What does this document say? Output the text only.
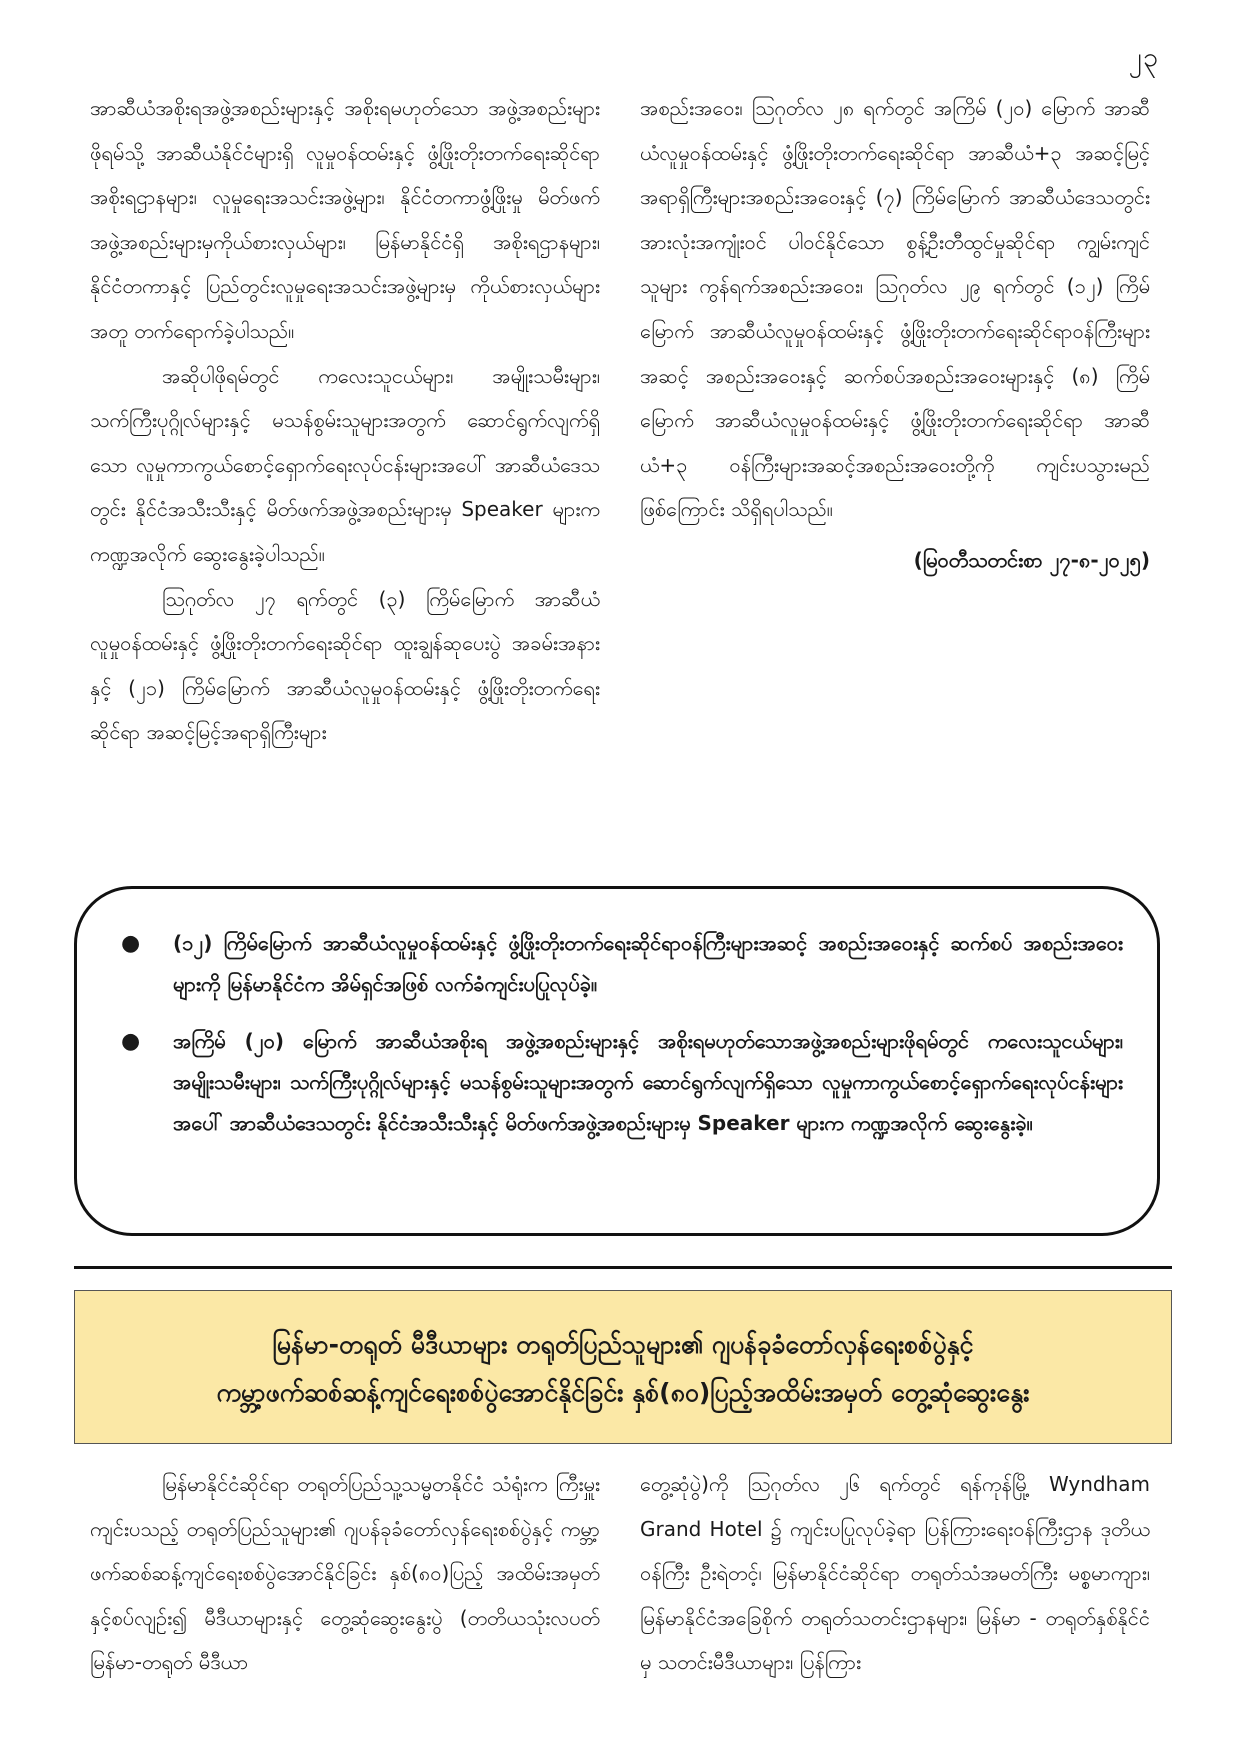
၂၃

အာဆီယံအစိုးရအဖွဲ့အစည်းများနှင့် အစိုးရမဟုတ်သော အဖွဲ့အစည်းများဖိုရမ်သို့ အာဆီယံနိုင်ငံများရှိ လူမှုဝန်ထမ်းနှင့် ဖွံ့ဖြိုးတိုးတက်ရေးဆိုင်ရာ အစိုးရဌာနများ၊ လူမှုရေးအသင်းအဖွဲ့များ၊ နိုင်ငံတကာဖွံ့ဖြိုးမှု မိတ်ဖက်အဖွဲ့အစည်းများမှကိုယ်စားလှယ်များ၊ မြန်မာနိုင်ငံရှိ အစိုးရဌာနများ၊ နိုင်ငံတကာနှင့် ပြည်တွင်းလူမှုရေးအသင်းအဖွဲ့များမှ ကိုယ်စားလှယ်များအတူ တက်ရောက်ခဲ့ပါသည်။

အဆိုပါဖိုရမ်တွင် ကလေးသူငယ်များ၊ အမျိုးသမီးများ၊ သက်ကြီးပုဂ္ဂိုလ်များနှင့် မသန်စွမ်းသူများအတွက် ဆောင်ရွက်လျက်ရှိသော လူမှုကာကွယ်စောင့်ရှောက်ရေးလုပ်ငန်းများအပေါ် အာဆီယံဒေသတွင်း နိုင်ငံအသီးသီးနှင့် မိတ်ဖက်အဖွဲ့အစည်းများမှ Speaker များက ကဏ္ဍအလိုက် ဆွေးနွေးခဲ့ပါသည်။

ဩဂုတ်လ ၂၇ ရက်တွင် (၃) ကြိမ်မြောက် အာဆီယံလူမှုဝန်ထမ်းနှင့် ဖွံ့ဖြိုးတိုးတက်ရေးဆိုင်ရာ ထူးချွန်ဆုပေးပွဲ အခမ်းအနားနှင့် (၂၁) ကြိမ်မြောက် အာဆီယံလူမှုဝန်ထမ်းနှင့် ဖွံ့ဖြိုးတိုးတက်ရေးဆိုင်ရာ အဆင့်မြင့်အရာရှိကြီးများ

အစည်းအဝေး၊ ဩဂုတ်လ ၂၈ ရက်တွင် အကြိမ် (၂၀) မြောက် အာဆီယံလူမှုဝန်ထမ်းနှင့် ဖွံ့ဖြိုးတိုးတက်ရေးဆိုင်ရာ အာဆီယံ+၃ အဆင့်မြင့်အရာရှိကြီးများအစည်းအဝေးနှင့် (၇) ကြိမ်မြောက် အာဆီယံဒေသတွင်း အားလုံးအကျုံးဝင် ပါဝင်နိုင်သော စွန့်ဦးတီထွင်မှုဆိုင်ရာ ကျွမ်းကျင်သူများ ကွန်ရက်အစည်းအဝေး၊ ဩဂုတ်လ ၂၉ ရက်တွင် (၁၂) ကြိမ်မြောက် အာဆီယံလူမှုဝန်ထမ်းနှင့် ဖွံ့ဖြိုးတိုးတက်ရေးဆိုင်ရာဝန်ကြီးများအဆင့် အစည်းအဝေးနှင့် ဆက်စပ်အစည်းအဝေးများနှင့် (၈) ကြိမ်မြောက် အာဆီယံလူမှုဝန်ထမ်းနှင့် ဖွံ့ဖြိုးတိုးတက်ရေးဆိုင်ရာ အာဆီယံ+၃ ဝန်ကြီးများအဆင့်အစည်းအဝေးတို့ကို ကျင်းပသွားမည်ဖြစ်ကြောင်း သိရှိရပါသည်။

(မြဝတီသတင်းစာ ၂၇-၈-၂၀၂၅)

● (၁၂) ကြိမ်မြောက် အာဆီယံလူမှုဝန်ထမ်းနှင့် ဖွံ့ဖြိုးတိုးတက်ရေးဆိုင်ရာဝန်ကြီးများအဆင့် အစည်းအဝေးနှင့် ဆက်စပ် အစည်းအဝေးများကို မြန်မာနိုင်ငံက အိမ်ရှင်အဖြစ် လက်ခံကျင်းပပြုလုပ်ခဲ့။
● အကြိမ် (၂၀) မြောက် အာဆီယံအစိုးရ အဖွဲ့အစည်းများနှင့် အစိုးရမဟုတ်သောအဖွဲ့အစည်းများဖိုရမ်တွင် ကလေးသူငယ်များ၊ အမျိုးသမီးများ၊ သက်ကြီးပုဂ္ဂိုလ်များနှင့် မသန်စွမ်းသူများအတွက် ဆောင်ရွက်လျက်ရှိသော လူမှုကာကွယ်စောင့်ရှောက်ရေးလုပ်ငန်းများအပေါ် အာဆီယံဒေသတွင်း နိုင်ငံအသီးသီးနှင့် မိတ်ဖက်အဖွဲ့အစည်းများမှ Speaker များက ကဏ္ဍအလိုက် ဆွေးနွေးခဲ့။
မြန်မာ-တရုတ် မီဒီယာများ တရုတ်ပြည်သူများ၏ ဂျပန်ခုခံတော်လှန်ရေးစစ်ပွဲနှင့်
ကမ္ဘာ့ဖက်ဆစ်ဆန့်ကျင်ရေးစစ်ပွဲအောင်နိုင်ခြင်း နှစ်(၈၀)ပြည့်အထိမ်းအမှတ် တွေ့ဆုံဆွေးနွေး

မြန်မာနိုင်ငံဆိုင်ရာ တရုတ်ပြည်သူ့သမ္မတနိုင်ငံ သံရုံးက ကြီးမှူးကျင်းပသည့် တရုတ်ပြည်သူများ၏ ဂျပန်ခုခံတော်လှန်ရေးစစ်ပွဲနှင့် ကမ္ဘာ့ဖက်ဆစ်ဆန့်ကျင်ရေးစစ်ပွဲအောင်နိုင်ခြင်း နှစ်(၈၀)ပြည့် အထိမ်းအမှတ်နှင့်စပ်လျဉ်း၍ မီဒီယာများနှင့် တွေ့ဆုံဆွေးနွေးပွဲ (တတိယသုံးလပတ် မြန်မာ-တရုတ် မီဒီယာ

တွေ့ဆုံပွဲ)ကို ဩဂုတ်လ ၂၆ ရက်တွင် ရန်ကုန်မြို့ Wyndham Grand Hotel ၌ ကျင်းပပြုလုပ်ခဲ့ရာ ပြန်ကြားရေးဝန်ကြီးဌာန ဒုတိယဝန်ကြီး ဦးရဲတင့်၊ မြန်မာနိုင်ငံဆိုင်ရာ တရုတ်သံအမတ်ကြီး မစ္စမာကျား၊ မြန်မာနိုင်ငံအခြေစိုက် တရုတ်သတင်းဌာနများ၊ မြန်မာ - တရုတ်နှစ်နိုင်ငံမှ သတင်းမီဒီယာများ၊ ပြန်ကြား
